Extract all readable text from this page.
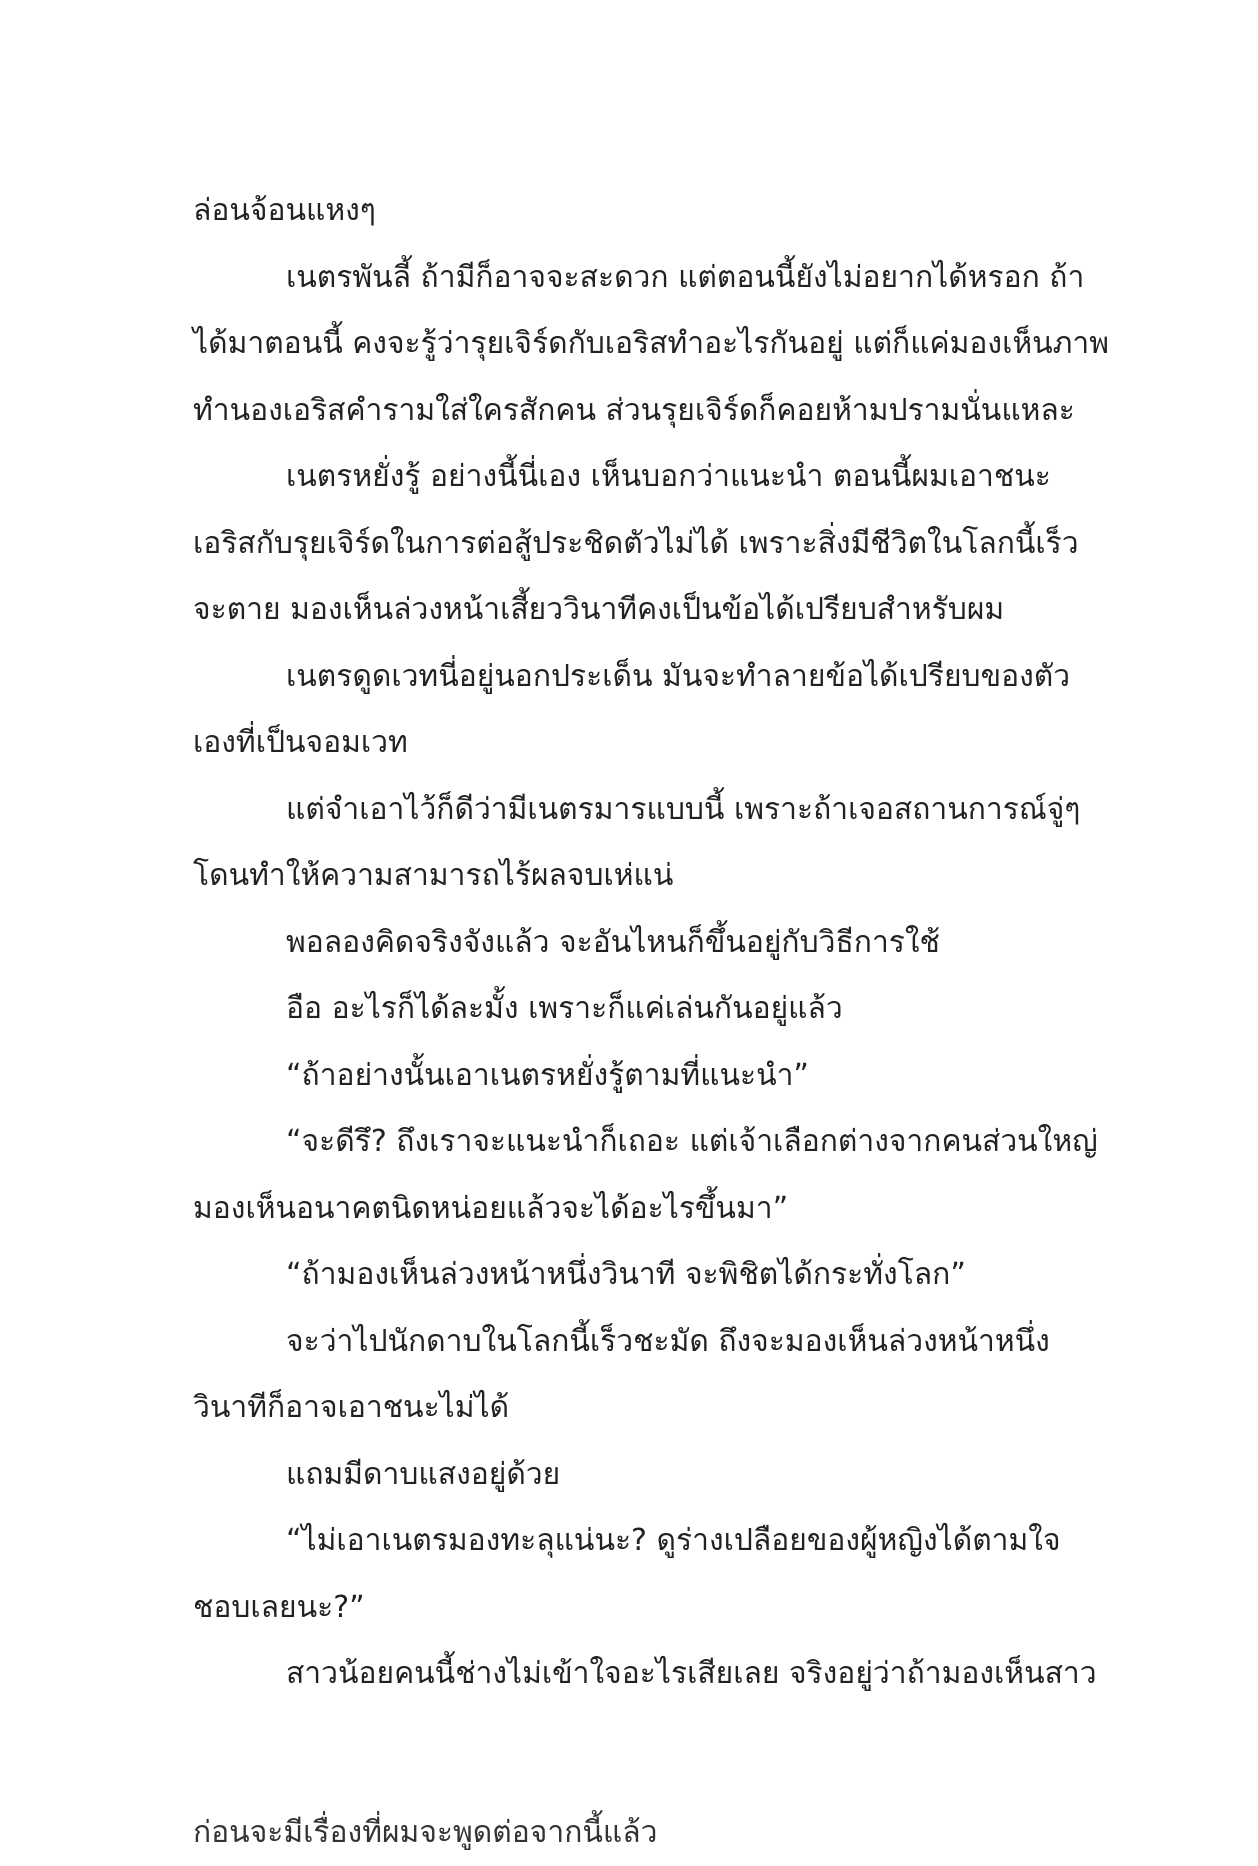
ล่อนจ้อนแหงๆ
เนตรพันลี้ ถ้ามีก็อาจจะสะดวก แต่ตอนนี้ยังไม่อยากได้หรอก ถ้า
ได้มาตอนนี้ คงจะรู้ว่ารุยเจิร์ดกับเอริสทำอะไรกันอยู่ แต่ก็แค่มองเห็นภาพ
ทำนองเอริสคำรามใส่ใครสักคน ส่วนรุยเจิร์ดก็คอยห้ามปรามนั่นแหละ
เนตรหยั่งรู้ อย่างนี้นี่เอง เห็นบอกว่าแนะนำ ตอนนี้ผมเอาชนะ
เอริสกับรุยเจิร์ดในการต่อสู้ประชิดตัวไม่ได้ เพราะสิ่งมีชีวิตในโลกนี้เร็ว
จะตาย มองเห็นล่วงหน้าเสี้ยววินาทีคงเป็นข้อได้เปรียบสำหรับผม
เนตรดูดเวทนี่อยู่นอกประเด็น มันจะทำลายข้อได้เปรียบของตัว
เองที่เป็นจอมเวท
แต่จำเอาไว้ก็ดีว่ามีเนตรมารแบบนี้ เพราะถ้าเจอสถานการณ์จู่ๆ
โดนทำให้ความสามารถไร้ผลจบเห่แน่
พอลองคิดจริงจังแล้ว จะอันไหนก็ขึ้นอยู่กับวิธีการใช้
อือ อะไรก็ได้ละมั้ง เพราะก็แค่เล่นกันอยู่แล้ว
“ถ้าอย่างนั้นเอาเนตรหยั่งรู้ตามที่แนะนำ”
“จะดีรึ? ถึงเราจะแนะนำก็เถอะ แต่เจ้าเลือกต่างจากคนส่วนใหญ่
มองเห็นอนาคตนิดหน่อยแล้วจะได้อะไรขึ้นมา”
“ถ้ามองเห็นล่วงหน้าหนึ่งวินาที จะพิชิตได้กระทั่งโลก”
จะว่าไปนักดาบในโลกนี้เร็วชะมัด ถึงจะมองเห็นล่วงหน้าหนึ่ง
วินาทีก็อาจเอาชนะไม่ได้
แถมมีดาบแสงอยู่ด้วย
“ไม่เอาเนตรมองทะลุแน่นะ? ดูร่างเปลือยของผู้หญิงได้ตามใจ
ชอบเลยนะ?”
สาวน้อยคนนี้ช่างไม่เข้าใจอะไรเสียเลย จริงอยู่ว่าถ้ามองเห็นสาว
ก่อนจะมีเรื่องที่ผมจะพูดต่อจากนี้แล้ว
